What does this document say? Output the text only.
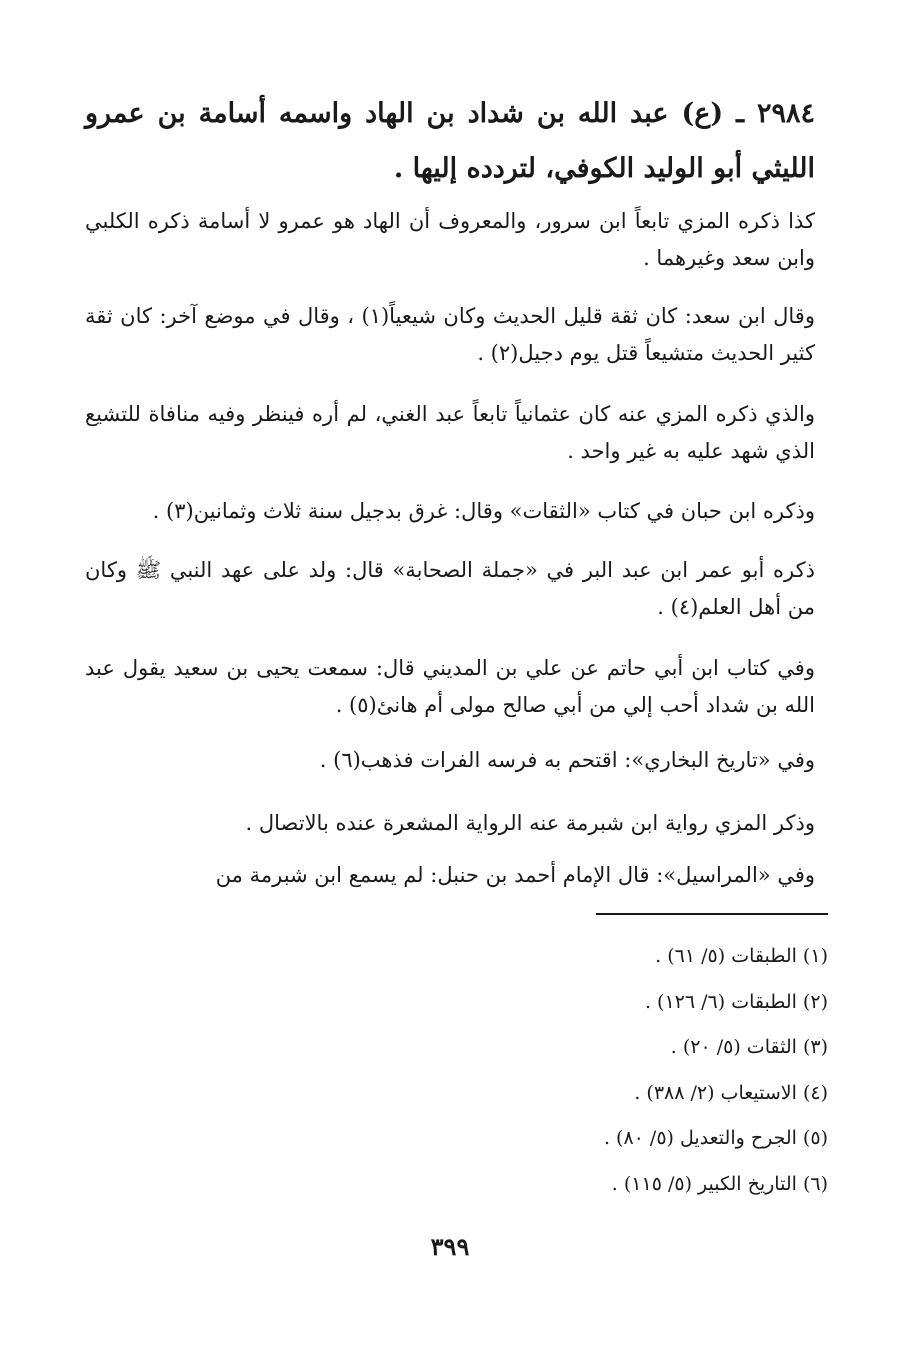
٢٩٨٤ ـ (ع) عبد الله بن شداد بن الهاد واسمه أسامة بن عمرو الليثي أبو الوليد الكوفي، لتردده إليها .
كذا ذكره المزي تابعاً ابن سرور، والمعروف أن الهاد هو عمرو لا أسامة ذكره الكلبي وابن سعد وغيرهما .
وقال ابن سعد: كان ثقة قليل الحديث وكان شيعياً(١) ، وقال في موضع آخر: كان ثقة كثير الحديث متشيعاً قتل يوم دجيل(٢) .
والذي ذكره المزي عنه كان عثمانياً تابعاً عبد الغني، لم أره فينظر وفيه منافاة للتشيع الذي شهد عليه به غير واحد .
وذكره ابن حبان في كتاب «الثقات» وقال: غرق بدجيل سنة ثلاث وثمانين(٣) .
ذكره أبو عمر ابن عبد البر في «جملة الصحابة» قال: ولد على عهد النبي ﷺ وكان من أهل العلم(٤) .
وفي كتاب ابن أبي حاتم عن علي بن المديني قال: سمعت يحيى بن سعيد يقول عبد الله بن شداد أحب إلي من أبي صالح مولى أم هانئ(٥) .
وفي «تاريخ البخاري»: اقتحم به فرسه الفرات فذهب(٦) .
وذكر المزي رواية ابن شبرمة عنه الرواية المشعرة عنده بالاتصال .
وفي «المراسيل»: قال الإمام أحمد بن حنبل: لم يسمع ابن شبرمة من
(١) الطبقات (٥/ ٦١) .
(٢) الطبقات (٦/ ١٢٦) .
(٣) الثقات (٥/ ٢٠) .
(٤) الاستيعاب (٢/ ٣٨٨) .
(٥) الجرح والتعديل (٥/ ٨٠) .
(٦) التاريخ الكبير (٥/ ١١٥) .
٣٩٩
